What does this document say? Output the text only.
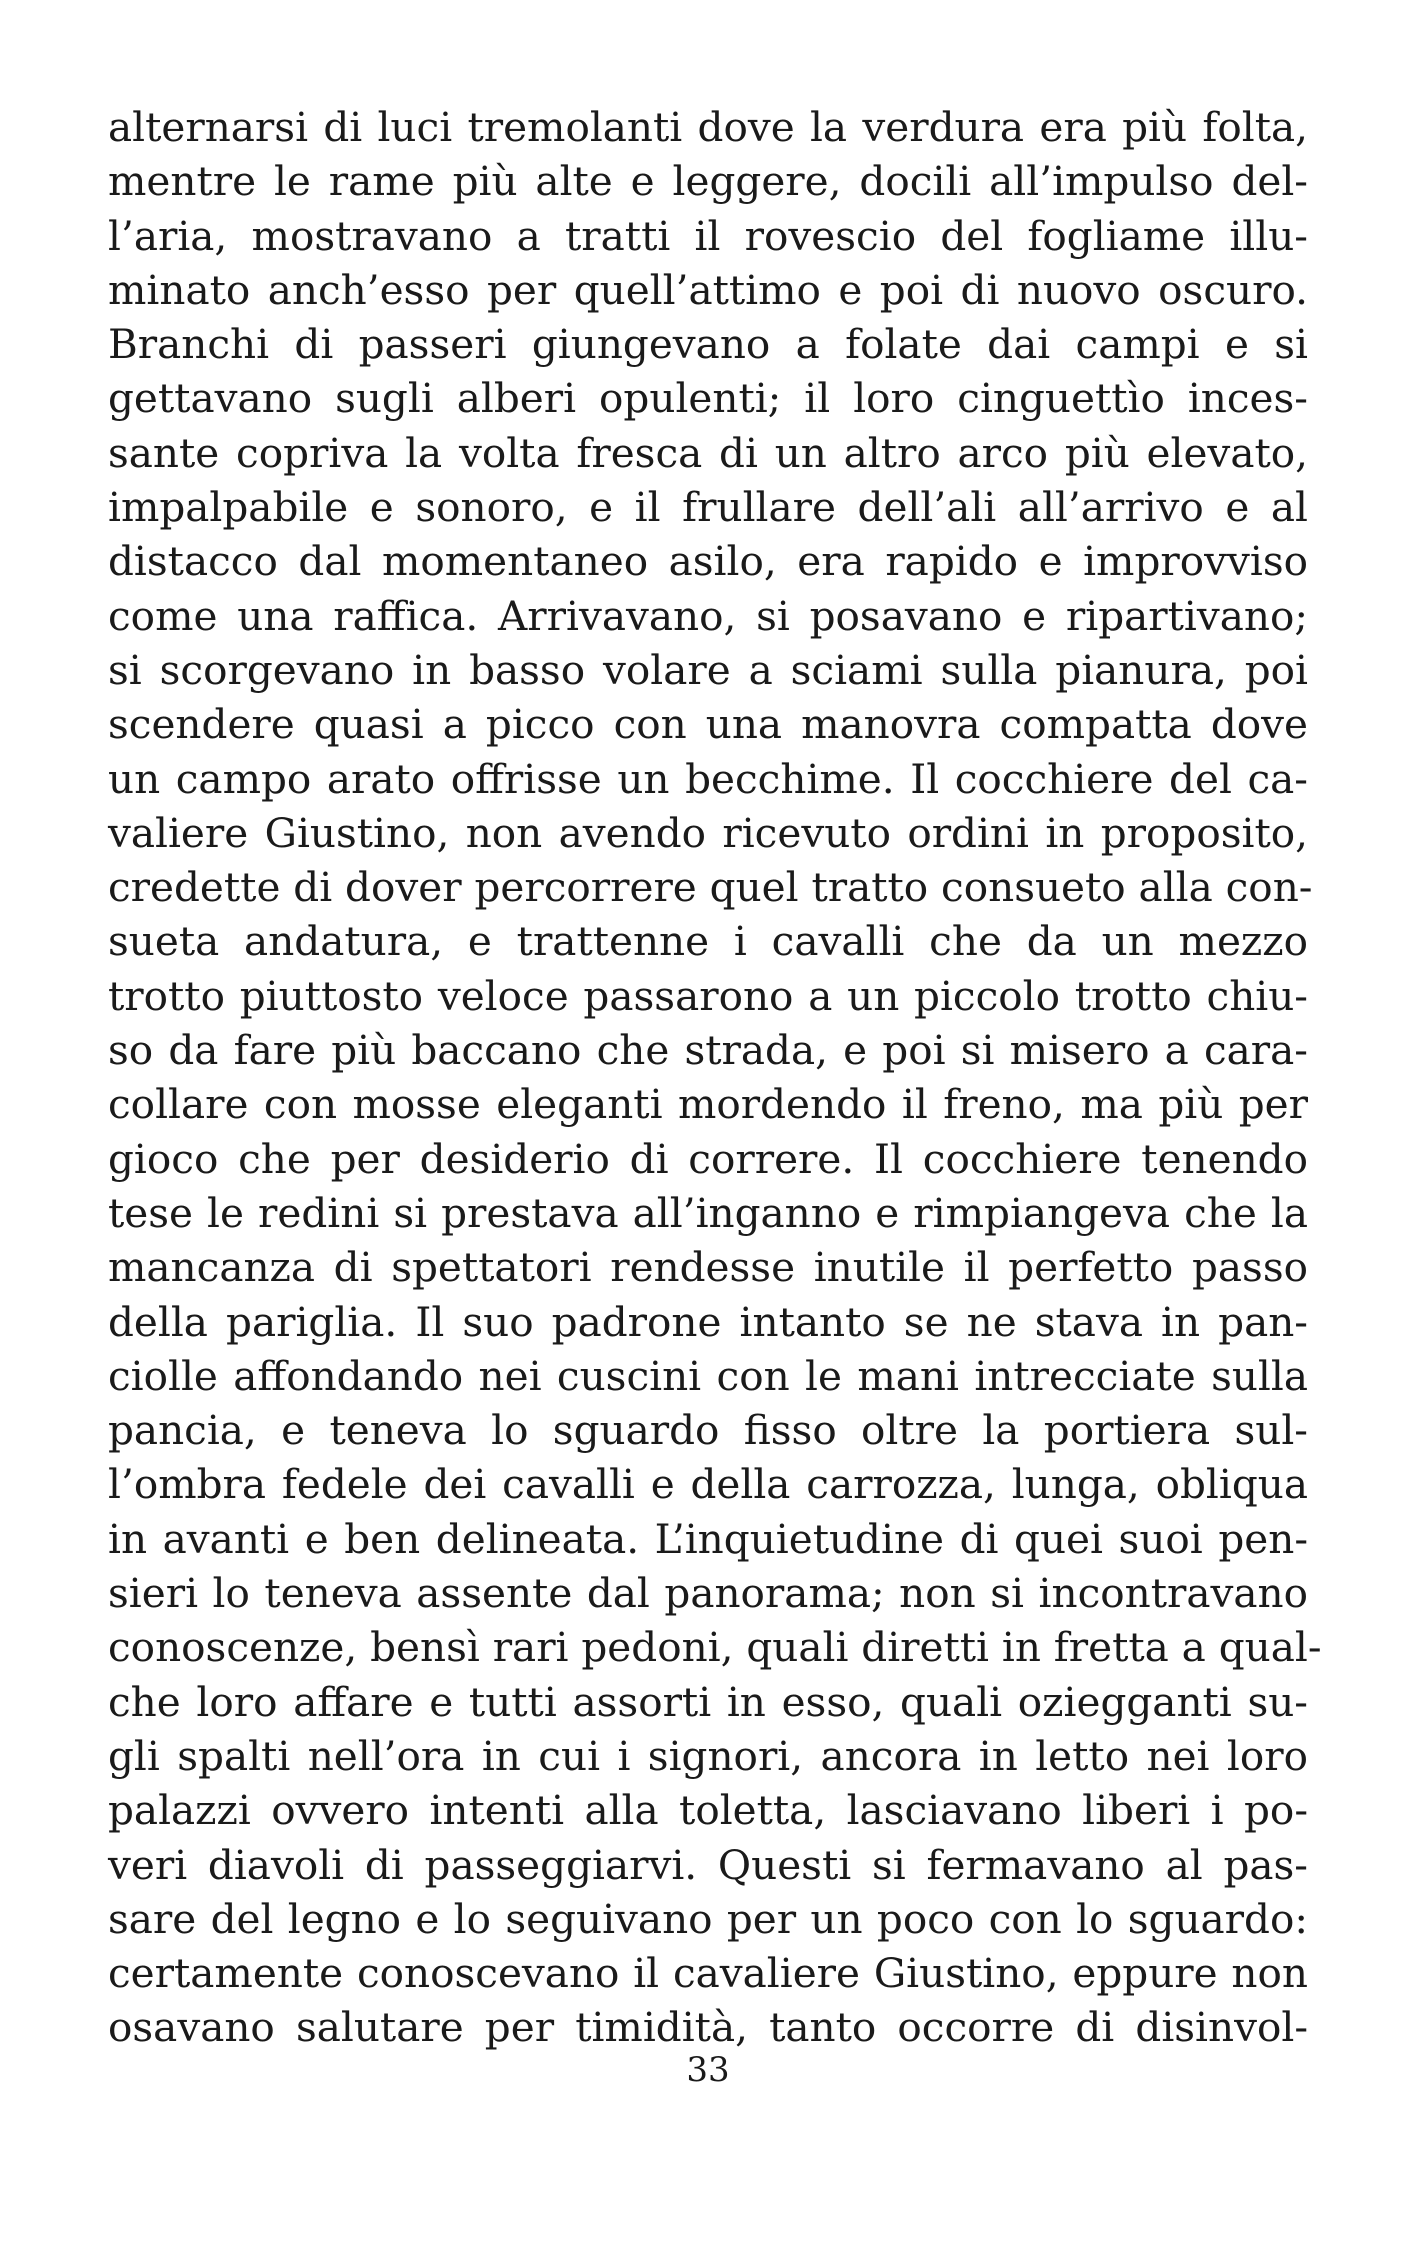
alternarsi di luci tremolanti dove la verdura era più folta,
mentre le rame più alte e leggere, docili all’impulso del-
l’aria, mostravano a tratti il rovescio del fogliame illu-
minato anch’esso per quell’attimo e poi di nuovo oscuro.
Branchi di passeri giungevano a folate dai campi e si
gettavano sugli alberi opulenti; il loro cinguettìo inces-
sante copriva la volta fresca di un altro arco più elevato,
impalpabile e sonoro, e il frullare dell’ali all’arrivo e al
distacco dal momentaneo asilo, era rapido e improvviso
come una raffica. Arrivavano, si posavano e ripartivano;
si scorgevano in basso volare a sciami sulla pianura, poi
scendere quasi a picco con una manovra compatta dove
un campo arato offrisse un becchime. Il cocchiere del ca-
valiere Giustino, non avendo ricevuto ordini in proposito,
credette di dover percorrere quel tratto consueto alla con-
sueta andatura, e trattenne i cavalli che da un mezzo
trotto piuttosto veloce passarono a un piccolo trotto chiu-
so da fare più baccano che strada, e poi si misero a cara-
collare con mosse eleganti mordendo il freno, ma più per
gioco che per desiderio di correre. Il cocchiere tenendo
tese le redini si prestava all’inganno e rimpiangeva che la
mancanza di spettatori rendesse inutile il perfetto passo
della pariglia. Il suo padrone intanto se ne stava in pan-
ciolle affondando nei cuscini con le mani intrecciate sulla
pancia, e teneva lo sguardo fisso oltre la portiera sul-
l’ombra fedele dei cavalli e della carrozza, lunga, obliqua
in avanti e ben delineata. L’inquietudine di quei suoi pen-
sieri lo teneva assente dal panorama; non si incontravano
conoscenze, bensì rari pedoni, quali diretti in fretta a qual-
che loro affare e tutti assorti in esso, quali oziegganti su-
gli spalti nell’ora in cui i signori, ancora in letto nei loro
palazzi ovvero intenti alla toletta, lasciavano liberi i po-
veri diavoli di passeggiarvi. Questi si fermavano al pas-
sare del legno e lo seguivano per un poco con lo sguardo:
certamente conoscevano il cavaliere Giustino, eppure non
osavano salutare per timidità, tanto occorre di disinvol-
33
